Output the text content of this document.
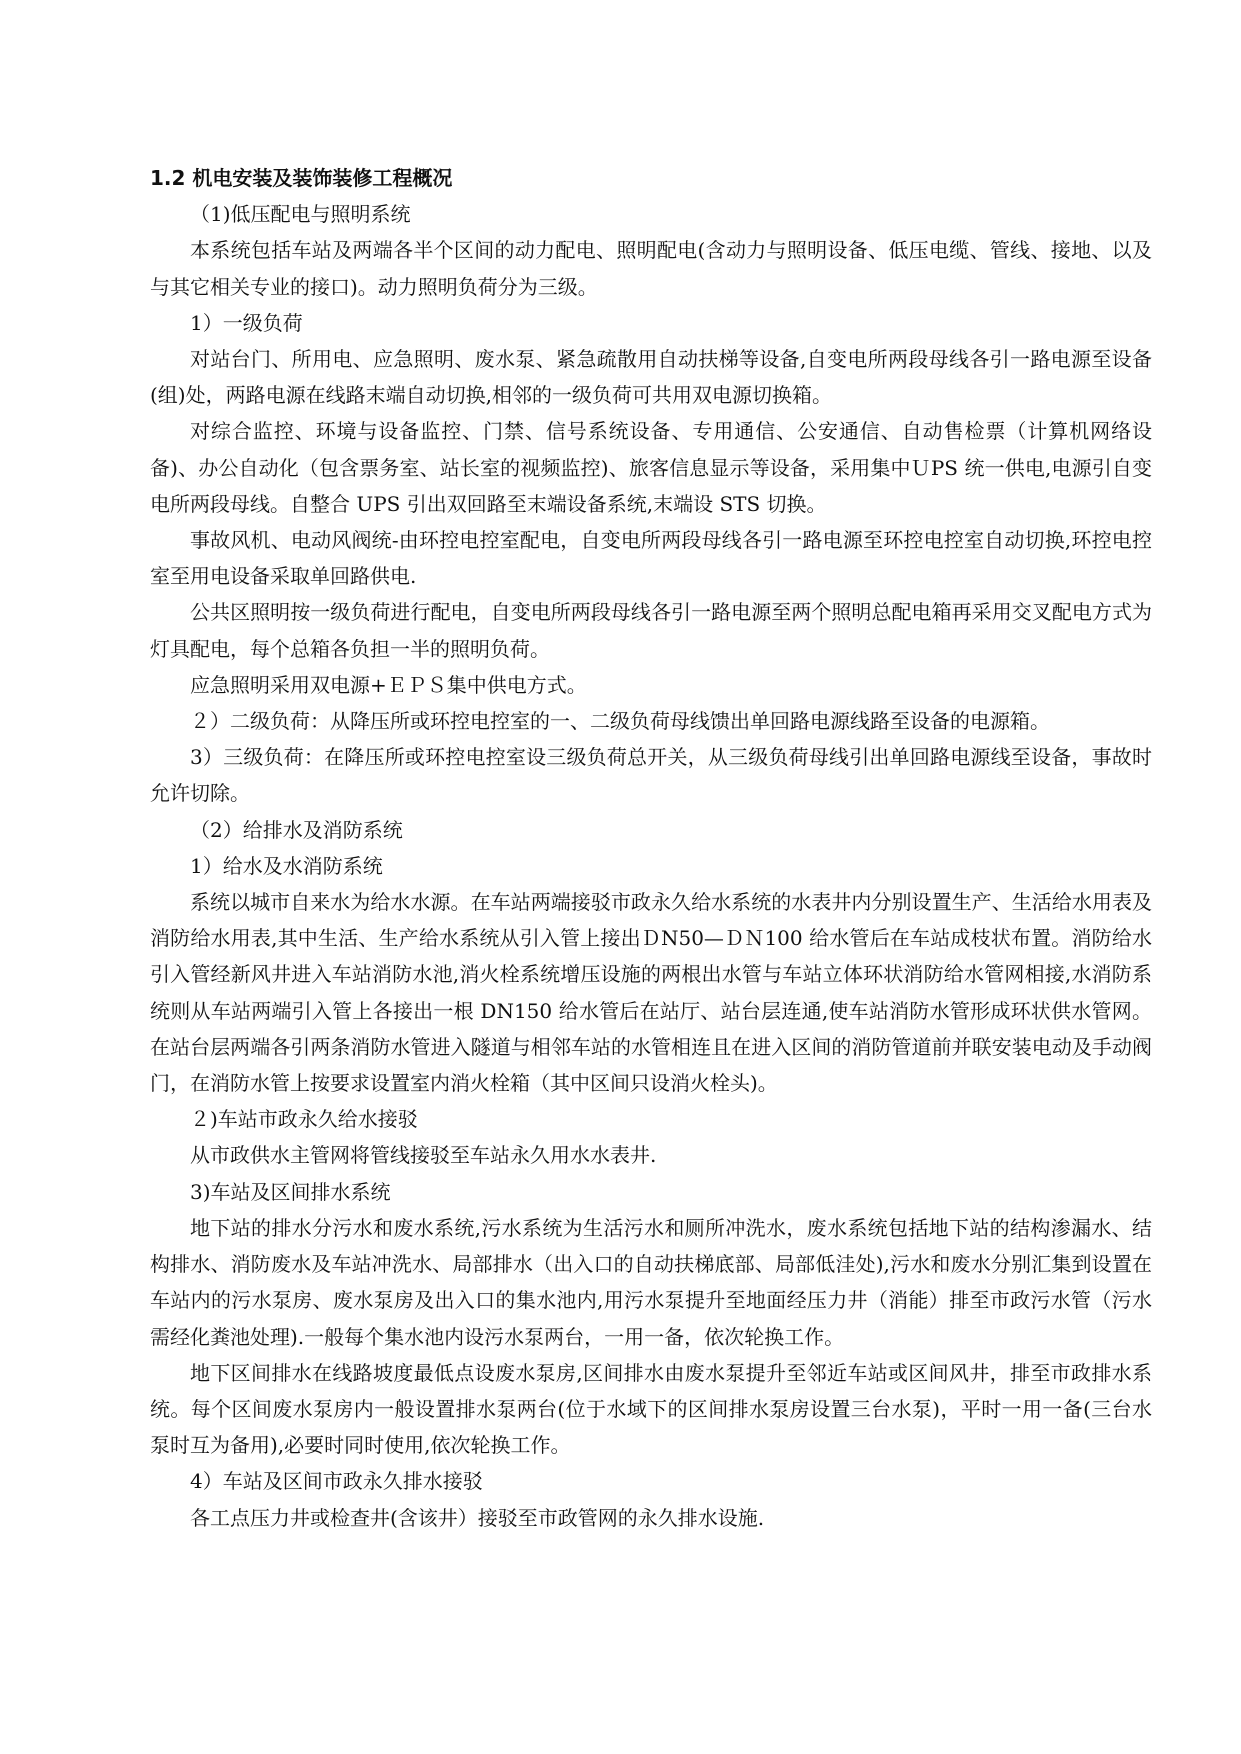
1.2 机电安装及装饰装修工程概况
（1)低压配电与照明系统
本系统包括车站及两端各半个区间的动力配电、照明配电(含动力与照明设备、低压电缆、管线、接地、以及与其它相关专业的接口)。动力照明负荷分为三级。
1）一级负荷
对站台门、所用电、应急照明、废水泵、紧急疏散用自动扶梯等设备,自变电所两段母线各引一路电源至设备(组)处，两路电源在线路末端自动切换,相邻的一级负荷可共用双电源切换箱。
对综合监控、环境与设备监控、门禁、信号系统设备、专用通信、公安通信、自动售检票（计算机网络设备)、办公自动化（包含票务室、站长室的视频监控)、旅客信息显示等设备，采用集中ＵPS 统一供电,电源引自变电所两段母线。自整合 UPS 引出双回路至末端设备系统,末端设 STS 切换。
事故风机、电动风阀统-由环控电控室配电，自变电所两段母线各引一路电源至环控电控室自动切换,环控电控室至用电设备采取单回路供电.
公共区照明按一级负荷进行配电，自变电所两段母线各引一路电源至两个照明总配电箱再采用交叉配电方式为灯具配电，每个总箱各负担一半的照明负荷。
应急照明采用双电源+ＥＰＳ集中供电方式。
２）二级负荷：从降压所或环控电控室的一、二级负荷母线馈出单回路电源线路至设备的电源箱。
3）三级负荷：在降压所或环控电控室设三级负荷总开关，从三级负荷母线引出单回路电源线至设备，事故时允许切除。
（2）给排水及消防系统
1）给水及水消防系统
系统以城市自来水为给水水源。在车站两端接驳市政永久给水系统的水表井内分别设置生产、生活给水用表及消防给水用表,其中生活、生产给水系统从引入管上接出ＤN50—ＤＮ100 给水管后在车站成枝状布置。消防给水引入管经新风井进入车站消防水池,消火栓系统增压设施的两根出水管与车站立体环状消防给水管网相接,水消防系统则从车站两端引入管上各接出一根 DN150 给水管后在站厅、站台层连通,使车站消防水管形成环状供水管网。在站台层两端各引两条消防水管进入隧道与相邻车站的水管相连且在进入区间的消防管道前并联安装电动及手动阀门，在消防水管上按要求设置室内消火栓箱（其中区间只设消火栓头)。
２)车站市政永久给水接驳
从市政供水主管网将管线接驳至车站永久用水水表井.
3)车站及区间排水系统
地下站的排水分污水和废水系统,污水系统为生活污水和厕所冲洗水，废水系统包括地下站的结构渗漏水、结构排水、消防废水及车站冲洗水、局部排水（出入口的自动扶梯底部、局部低洼处),污水和废水分别汇集到设置在车站内的污水泵房、废水泵房及出入口的集水池内,用污水泵提升至地面经压力井（消能）排至市政污水管（污水需经化粪池处理).一般每个集水池内设污水泵两台，一用一备，依次轮换工作。
地下区间排水在线路坡度最低点设废水泵房,区间排水由废水泵提升至邻近车站或区间风井，排至市政排水系统。每个区间废水泵房内一般设置排水泵两台(位于水域下的区间排水泵房设置三台水泵)，平时一用一备(三台水泵时互为备用),必要时同时使用,依次轮换工作。
4）车站及区间市政永久排水接驳
各工点压力井或检查井(含该井）接驳至市政管网的永久排水设施.
